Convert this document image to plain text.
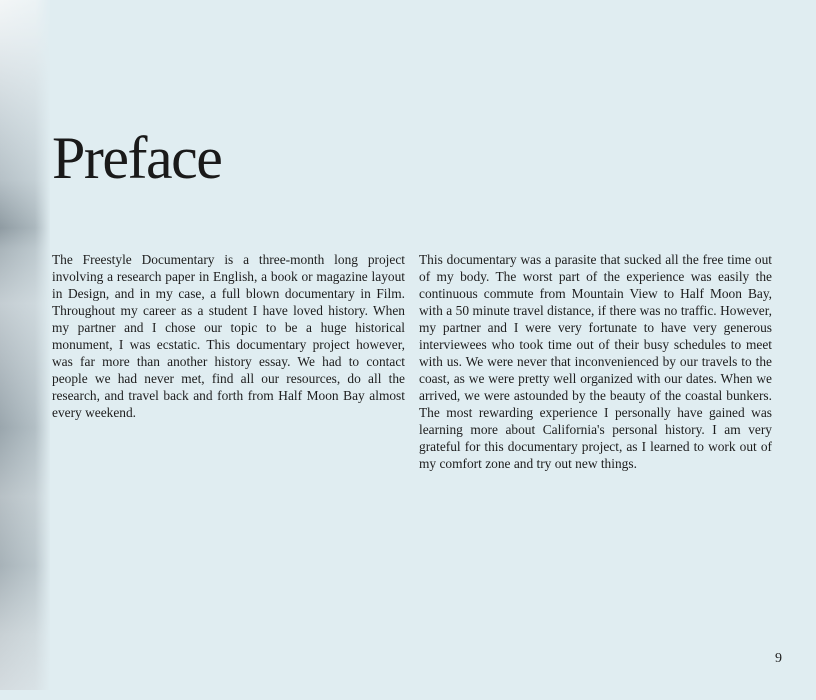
Preface

The Freestyle Documentary is a three-month long project involving a research paper in English, a book or magazine layout in Design, and in my case, a full blown documentary in Film. Throughout my career as a student I have loved history. When my partner and I chose our topic to be a huge historical monument, I was ecstatic. This documentary project however, was far more than another history essay. We had to contact people we had never met, find all our resources, do all the research, and travel back and forth from Half Moon Bay almost every weekend.

This documentary was a parasite that sucked all the free time out of my body. The worst part of the experience was easily the continuous commute from Mountain View to Half Moon Bay, with a 50 minute travel distance, if there was no traffic. However, my partner and I were very fortunate to have very generous interviewees who took time out of their busy schedules to meet with us. We were never that inconvenienced by our travels to the coast, as we were pretty well organized with our dates. When we arrived, we were astounded by the beauty of the coastal bunkers. The most rewarding experience I personally have gained was learning more about California's personal history. I am very grateful for this documentary project, as I learned to work out of my comfort zone and try out new things.

9
